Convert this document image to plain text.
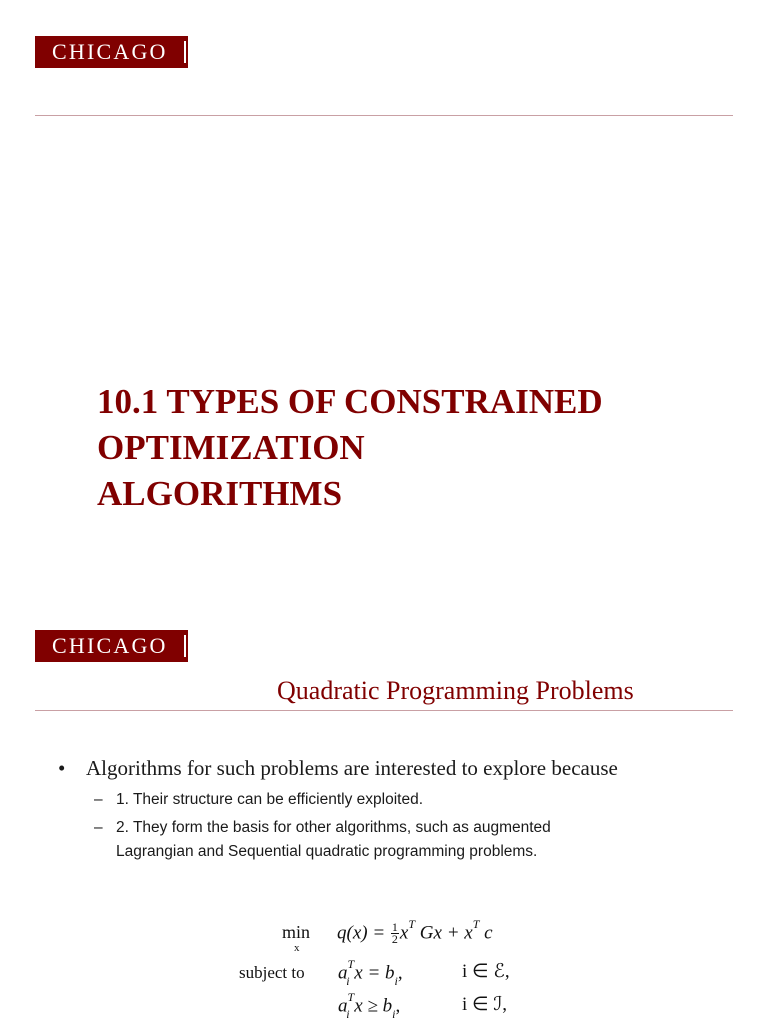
CHICAGO
10.1 TYPES OF CONSTRAINED
OPTIMIZATION
ALGORITHMS
CHICAGO
Quadratic Programming Problems
• Algorithms for such problems are interested to explore because
– 1. Their structure can be efficiently exploited.
– 2. They form the basis for other algorithms, such as augmented Lagrangian and Sequential quadratic programming problems.
min
x
$q(x) = \frac{1}{2} x^T$ $Gx + x^T$ c
subject to $a^T_i$ $x = b_i$,	i ∈ ℰ,
$a^T_i$ $x \ge b_i$,	i ∈ ℐ,
